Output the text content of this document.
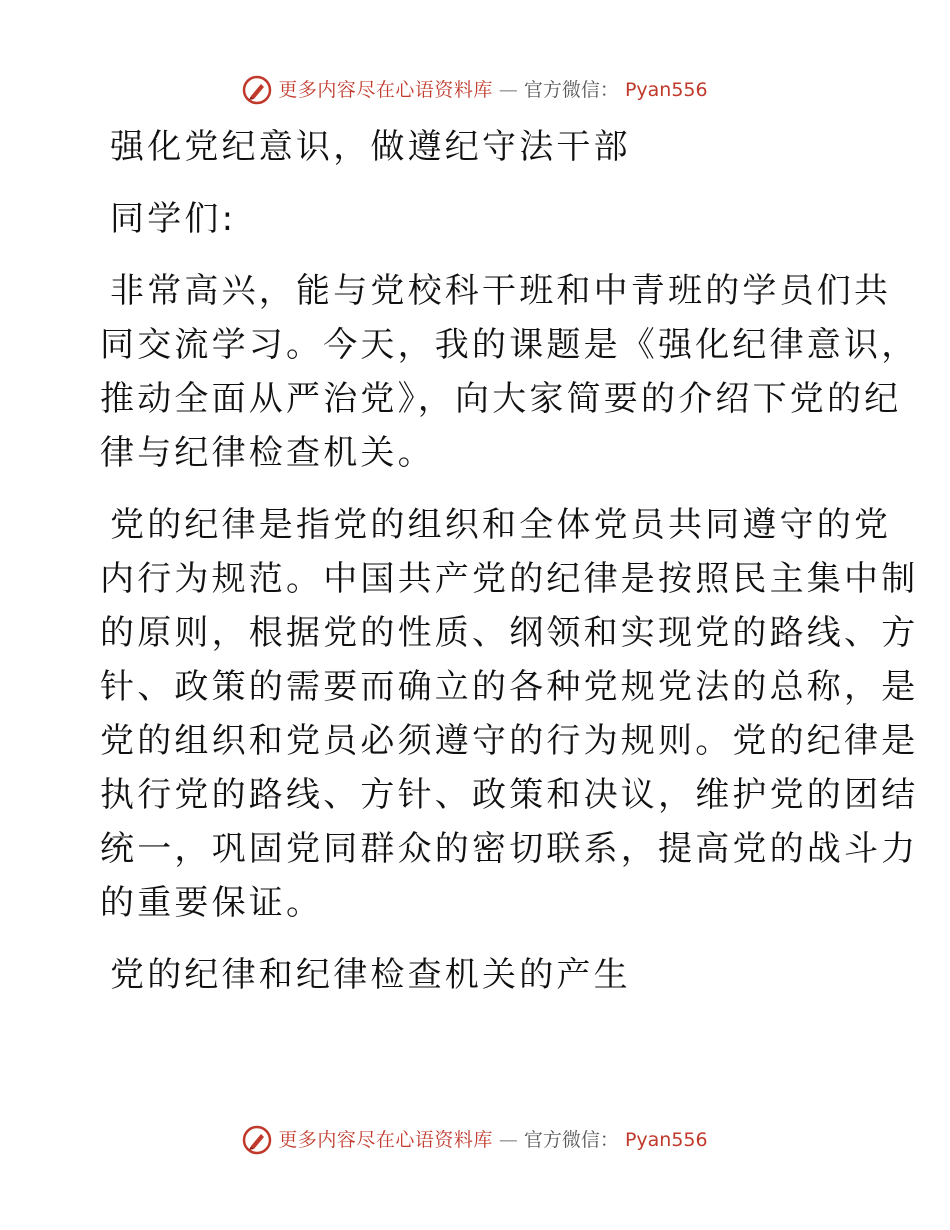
更多内容尽在心语资料库 — 官方微信： Pyan556
强化党纪意识，做遵纪守法干部
同学们:
非常高兴，能与党校科干班和中青班的学员们共
同交流学习。今天，我的课题是《强化纪律意识，
推动全面从严治党》，向大家简要的介绍下党的纪
律与纪律检查机关。
党的纪律是指党的组织和全体党员共同遵守的党
内行为规范。中国共产党的纪律是按照民主集中制
的原则，根据党的性质、纲领和实现党的路线、方
针、政策的需要而确立的各种党规党法的总称，是
党的组织和党员必须遵守的行为规则。党的纪律是
执行党的路线、方针、政策和决议，维护党的团结
统一，巩固党同群众的密切联系，提高党的战斗力
的重要保证。
党的纪律和纪律检查机关的产生
更多内容尽在心语资料库 — 官方微信： Pyan556
